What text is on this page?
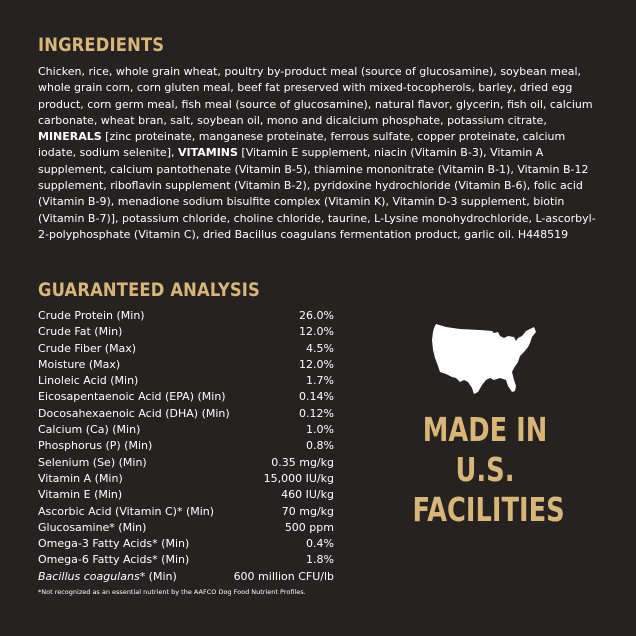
INGREDIENTS

Chicken, rice, whole grain wheat, poultry by-product meal (source of glucosamine), soybean meal, whole grain corn, corn gluten meal, beef fat preserved with mixed-tocopherols, barley, dried egg product, corn germ meal, fish meal (source of glucosamine), natural flavor, glycerin, fish oil, calcium carbonate, wheat bran, salt, soybean oil, mono and dicalcium phosphate, potassium citrate, MINERALS [zinc proteinate, manganese proteinate, ferrous sulfate, copper proteinate, calcium iodate, sodium selenite], VITAMINS [Vitamin E supplement, niacin (Vitamin B-3), Vitamin A supplement, calcium pantothenate (Vitamin B-5), thiamine mononitrate (Vitamin B-1), Vitamin B-12 supplement, riboflavin supplement (Vitamin B-2), pyridoxine hydrochloride (Vitamin B-6), folic acid (Vitamin B-9), menadione sodium bisulfite complex (Vitamin K), Vitamin D-3 supplement, biotin (Vitamin B-7)], potassium chloride, choline chloride, taurine, L-Lysine monohydrochloride, L-ascorbyl-2-polyphosphate (Vitamin C), dried Bacillus coagulans fermentation product, garlic oil. H448519

GUARANTEED ANALYSIS
Crude Protein (Min)	26.0%
Crude Fat (Min)	12.0%
Crude Fiber (Max)	4.5%
Moisture (Max)	12.0%
Linoleic Acid (Min)	1.7%
Eicosapentaenoic Acid (EPA) (Min)	0.14%
Docosahexaenoic Acid (DHA) (Min)	0.12%
Calcium (Ca) (Min)	1.0%
Phosphorus (P) (Min)	0.8%
Selenium (Se) (Min)	0.35 mg/kg
Vitamin A (Min)	15,000 IU/kg
Vitamin E (Min)	460 IU/kg
Ascorbic Acid (Vitamin C)* (Min)	70 mg/kg
Glucosamine* (Min)	500 ppm
Omega-3 Fatty Acids* (Min)	0.4%
Omega-6 Fatty Acids* (Min)	1.8%
Bacillus coagulans* (Min)	600 million CFU/lb

*Not recognized as an essential nutrient by the AAFCO Dog Food Nutrient Profiles.

MADE IN
U.S.
FACILITIES
